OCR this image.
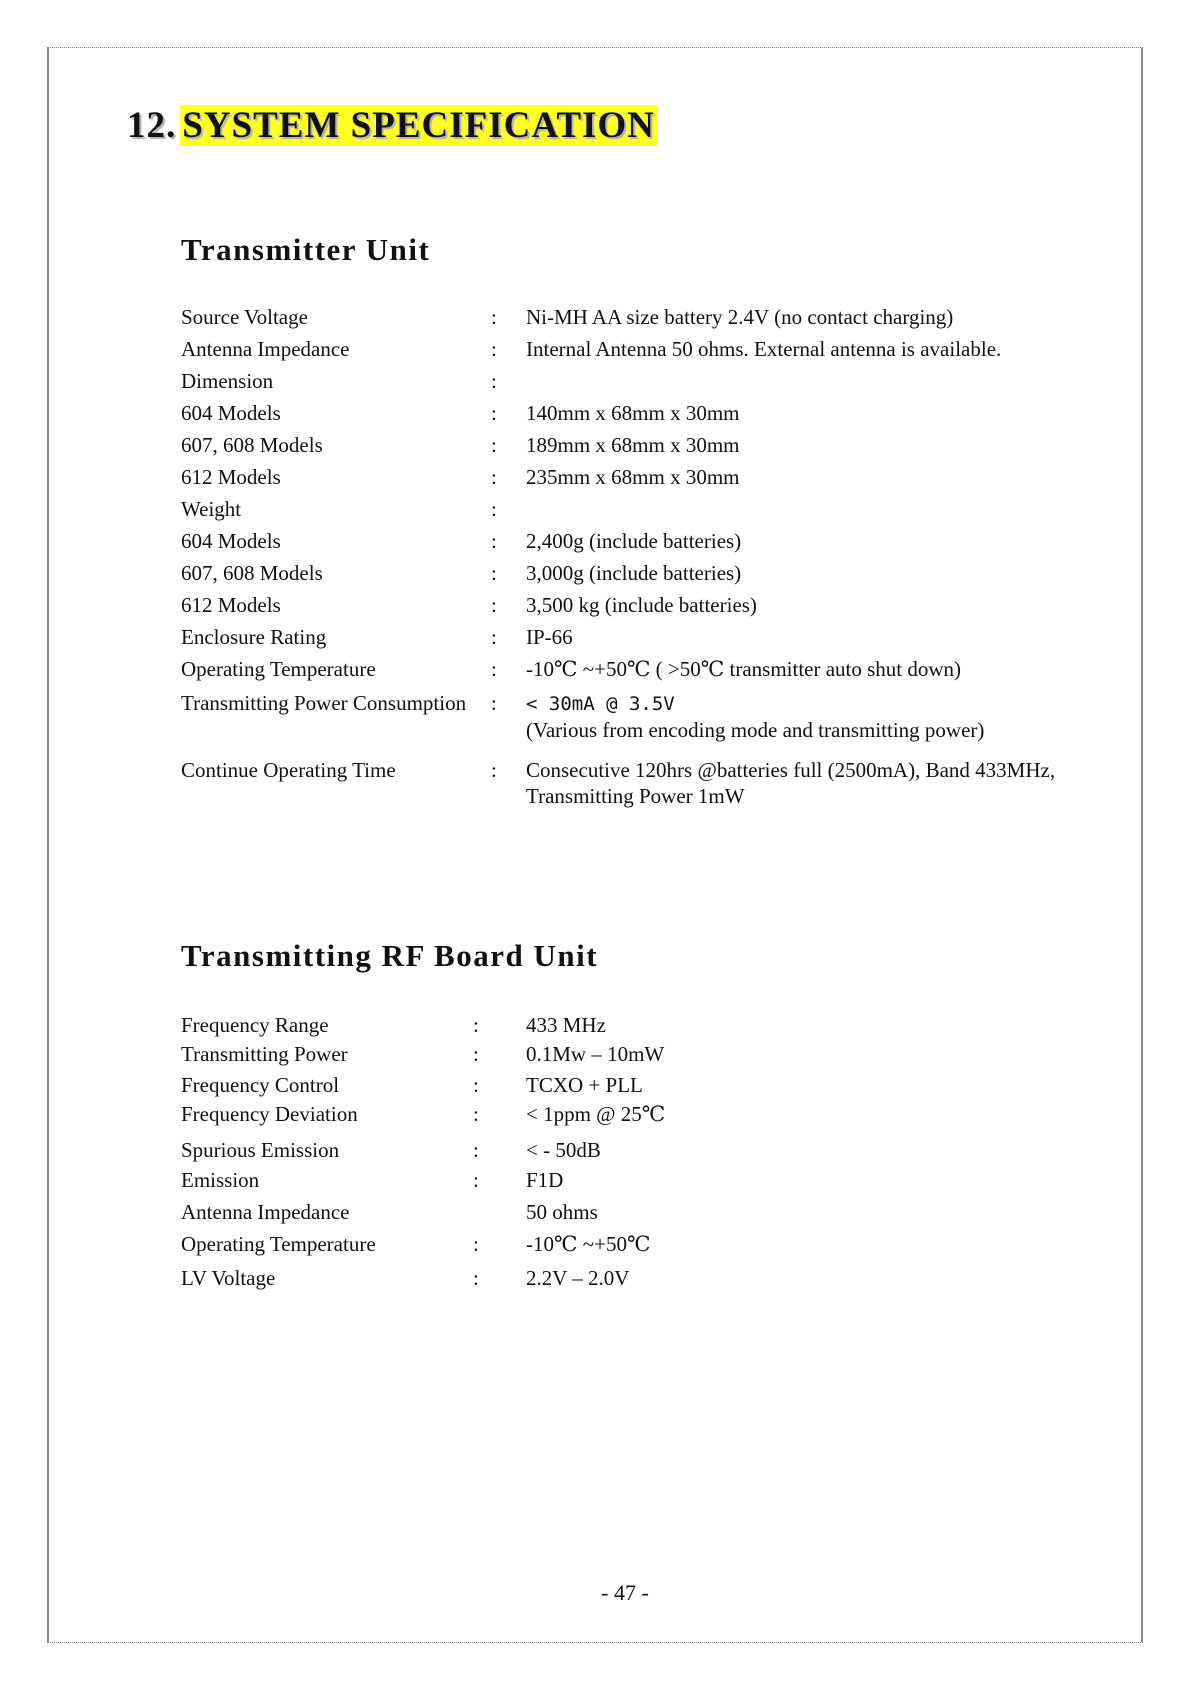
12. SYSTEM SPECIFICATION
Transmitter Unit
Source Voltage	: Ni-MH AA size battery 2.4V (no contact charging)
Antenna Impedance	: Internal Antenna 50 ohms. External antenna is available.
Dimension	:
604 Models	: 140mm x 68mm x 30mm
607, 608 Models	: 189mm x 68mm x 30mm
612 Models	: 235mm x 68mm x 30mm
Weight	:
604 Models	: 2,400g (include batteries)
607, 608 Models	: 3,000g (include batteries)
612 Models	: 3,500 kg (include batteries)
Enclosure Rating	: IP-66
Operating Temperature	: -10℃ ~+50℃ ( >50℃ transmitter auto shut down)
Transmitting Power Consumption : < 30mA @ 3.5V
(Various from encoding mode and transmitting power)
Continue Operating Time	: Consecutive 120hrs @batteries full (2500mA), Band 433MHz,
Transmitting Power 1mW
Transmitting RF Board Unit
Frequency Range	: 433 MHz
Transmitting Power	: 0.1Mw – 10mW
Frequency Control	: TCXO + PLL
Frequency Deviation	: < 1ppm @ 25℃
Spurious Emission	: < - 50dB
Emission	: F1D
Antenna Impedance	50 ohms
Operating Temperature	: -10℃ ~+50℃
LV Voltage	: 2.2V – 2.0V
- 47 -
